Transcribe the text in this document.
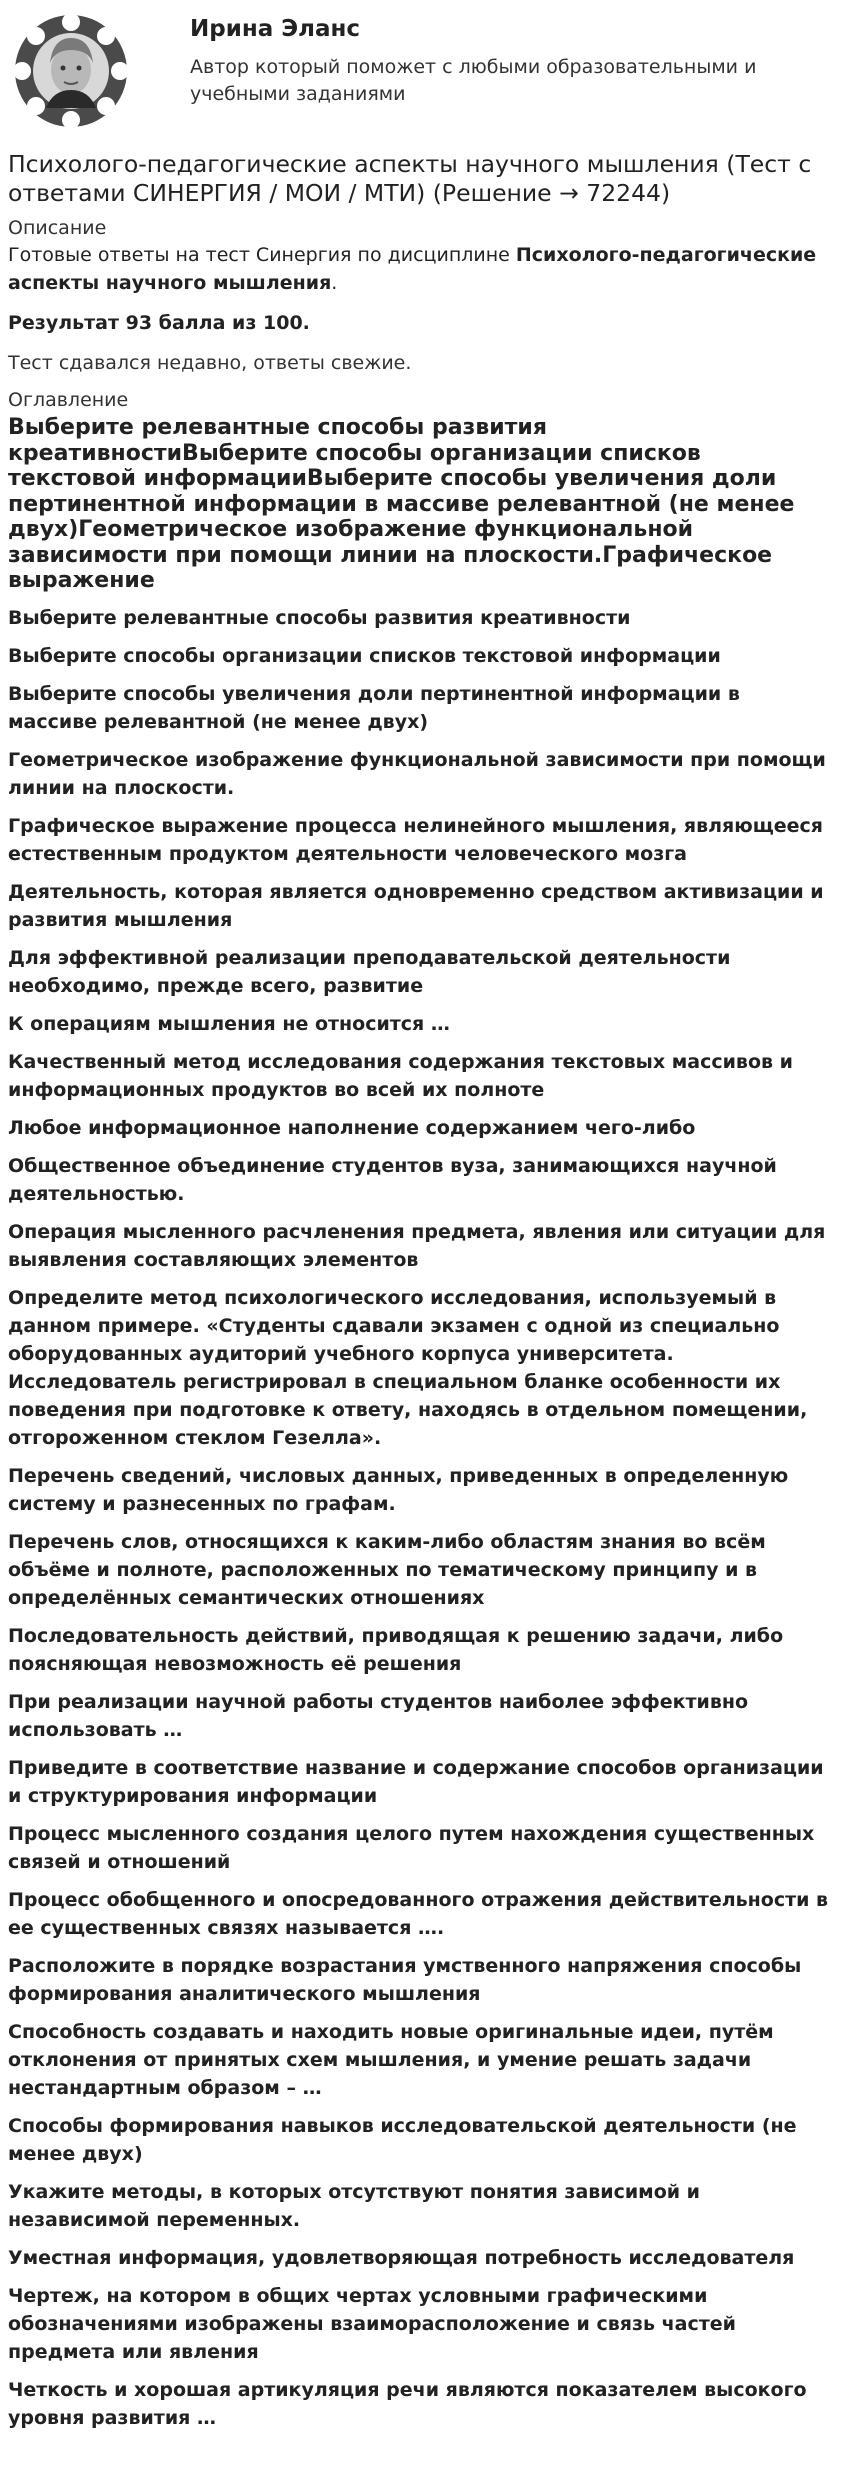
Ирина Эланс
Автор который поможет с любыми образовательными и учебными заданиями
Психолого-педагогические аспекты научного мышления (Тест с ответами СИНЕРГИЯ / МОИ / МТИ) (Решение → 72244)
Описание
Готовые ответы на тест Синергия по дисциплине Психолого-педагогические аспекты научного мышления.
Результат 93 балла из 100.
Тест сдавался недавно, ответы свежие.
Оглавление
Выберите релевантные способы развития креативностиВыберите способы организации списков текстовой информацииВыберите способы увеличения доли пертинентной информации в массиве релевантной (не менее двух)Геометрическое изображение функциональной зависимости при помощи линии на плоскости.Графическое выражение
Выберите релевантные способы развития креативности
Выберите способы организации списков текстовой информации
Выберите способы увеличения доли пертинентной информации в массиве релевантной (не менее двух)
Геометрическое изображение функциональной зависимости при помощи линии на плоскости.
Графическое выражение процесса нелинейного мышления, являющееся естественным продуктом деятельности человеческого мозга
Деятельность, которая является одновременно средством активизации и развития мышления
Для эффективной реализации преподавательской деятельности необходимо, прежде всего, развитие
К операциям мышления не относится …
Качественный метод исследования содержания текстовых массивов и информационных продуктов во всей их полноте
Любое информационное наполнение содержанием чего-либо
Общественное объединение студентов вуза, занимающихся научной деятельностью.
Операция мысленного расчленения предмета, явления или ситуации для выявления составляющих элементов
Определите метод психологического исследования, используемый в данном примере. «Студенты сдавали экзамен с одной из специально оборудованных аудиторий учебного корпуса университета. Исследователь регистрировал в специальном бланке особенности их поведения при подготовке к ответу, находясь в отдельном помещении, отгороженном стеклом Гезелла».
Перечень сведений, числовых данных, приведенных в определенную систему и разнесенных по графам.
Перечень слов, относящихся к каким-либо областям знания во всём объёме и полноте, расположенных по тематическому принципу и в определённых семантических отношениях
Последовательность действий, приводящая к решению задачи, либо поясняющая невозможность её решения
При реализации научной работы студентов наиболее эффективно использовать …
Приведите в соответствие название и содержание способов организации и структурирования информации
Процесс мысленного создания целого путем нахождения существенных связей и отношений
Процесс обобщенного и опосредованного отражения действительности в ее существенных связях называется ….
Расположите в порядке возрастания умственного напряжения способы формирования аналитического мышления
Способность создавать и находить новые оригинальные идеи, путём отклонения от принятых схем мышления, и умение решать задачи нестандартным образом – …
Способы формирования навыков исследовательской деятельности (не менее двух)
Укажите методы, в которых отсутствуют понятия зависимой и независимой переменных.
Уместная информация, удовлетворяющая потребность исследователя
Чертеж, на котором в общих чертах условными графическими обозначениями изображены взаиморасположение и связь частей предмета или явления
Четкость и хорошая артикуляция речи являются показателем высокого уровня развития …
